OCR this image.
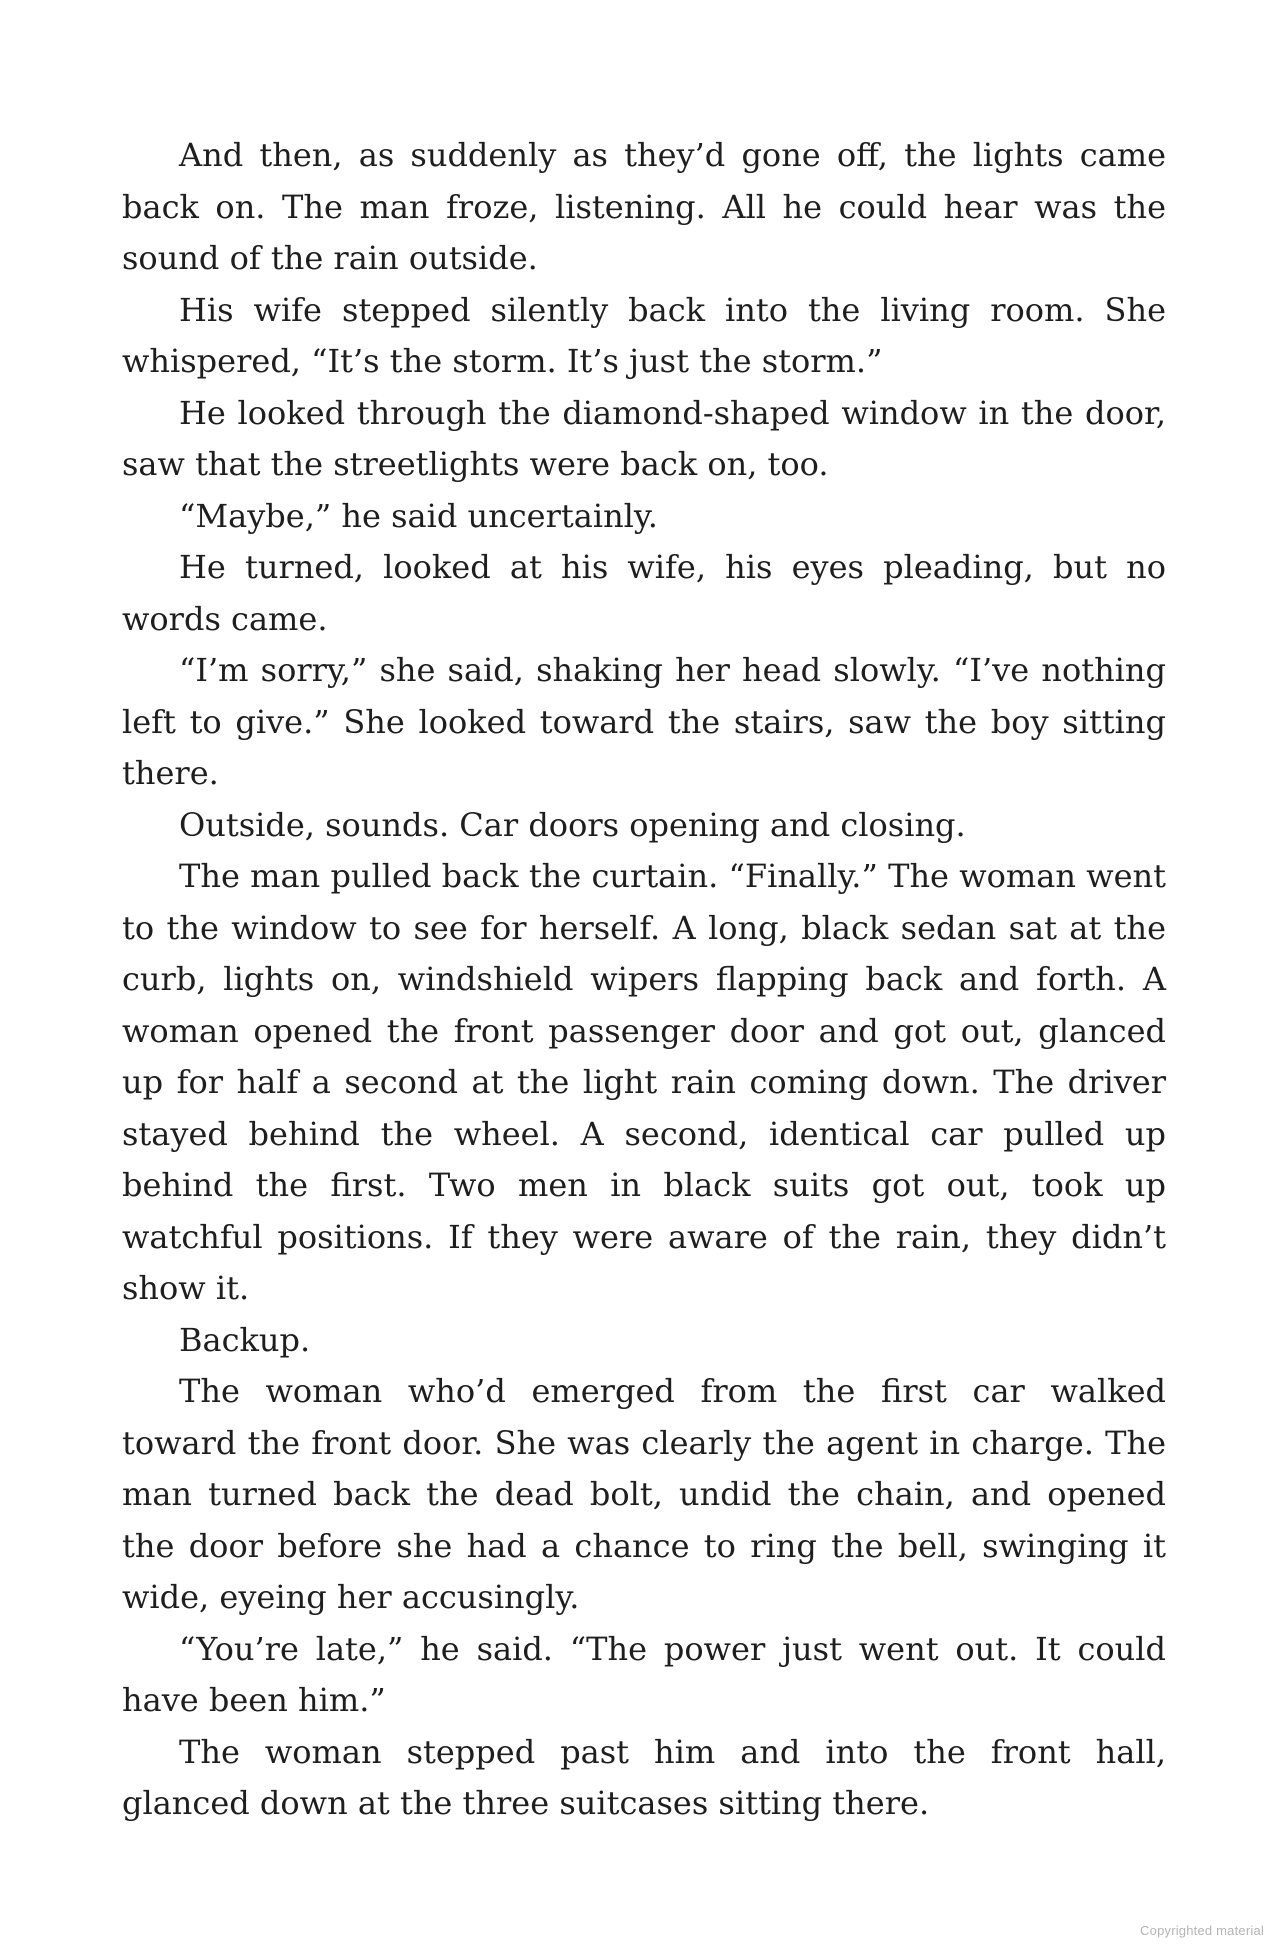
And then, as suddenly as they’d gone off, the lights came back on. The man froze, listening. All he could hear was the sound of the rain outside.

His wife stepped silently back into the living room. She whispered, “It’s the storm. It’s just the storm.”

He looked through the diamond-shaped window in the door, saw that the streetlights were back on, too.

“Maybe,” he said uncertainly.

He turned, looked at his wife, his eyes pleading, but no words came.

“I’m sorry,” she said, shaking her head slowly. “I’ve nothing left to give.” She looked toward the stairs, saw the boy sitting there.

Outside, sounds. Car doors opening and closing.

The man pulled back the curtain. “Finally.” The woman went to the window to see for herself. A long, black sedan sat at the curb, lights on, windshield wipers flapping back and forth. A woman opened the front passenger door and got out, glanced up for half a second at the light rain coming down. The driver stayed behind the wheel. A second, identical car pulled up behind the first. Two men in black suits got out, took up watchful positions. If they were aware of the rain, they didn’t show it.

Backup.

The woman who’d emerged from the first car walked toward the front door. She was clearly the agent in charge. The man turned back the dead bolt, undid the chain, and opened the door before she had a chance to ring the bell, swinging it wide, eyeing her accusingly.

“You’re late,” he said. “The power just went out. It could have been him.”

The woman stepped past him and into the front hall, glanced down at the three suitcases sitting there.

Copyrighted material
